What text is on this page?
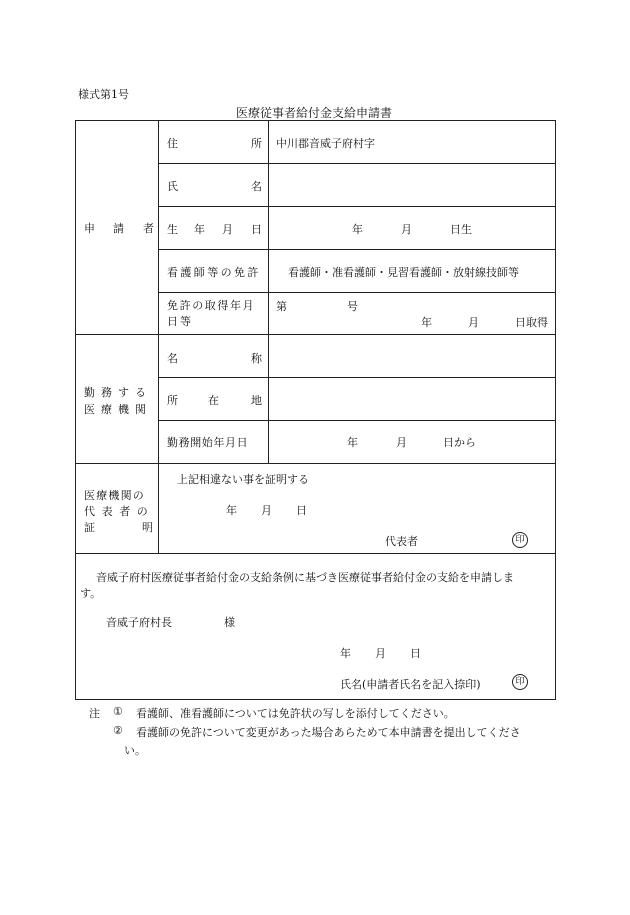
様式第1号
医療従事者給付金支給申請書
申 請 者
住	所 中川郡音威子府村字
氏	名
生 年 月 日	年	月	日生
看護師等の免許 看護師・准看護師・見習看護師・放射線技師等
免許の取得年月
日等
第	号
年	月	日取得
勤務する
医療機関
名	称
所	在	地
勤務開始年月日	年	月	日から
医療機関の
代表者の
証	明
上記相違ない事を証明する
年 月 日
代表者	印
音威子府村医療従事者給付金の支給条例に基づき医療従事者給付金の支給を申請しま
す。
音威子府村長	様
年 月 日
氏名(申請者氏名を記入捺印)	印
注 ① 看護師、准看護師については免許状の写しを添付してください。
② 看護師の免許について変更があった場合あらためて本申請書を提出してくださ
い。
